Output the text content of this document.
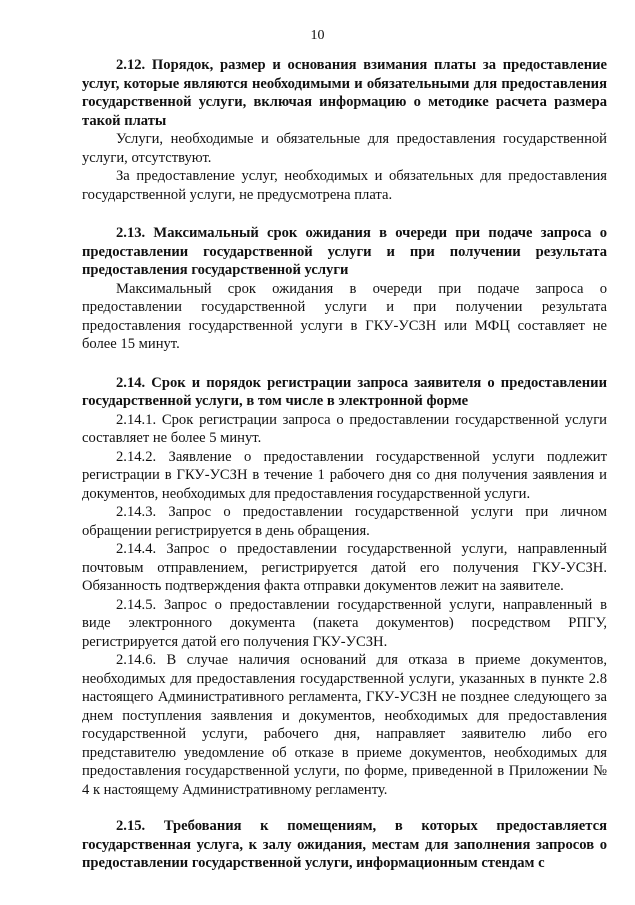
10

2.12. Порядок, размер и основания взимания платы за предоставление услуг, которые являются необходимыми и обязательными для предоставления государственной услуги, включая информацию о методике расчета размера такой платы

Услуги, необходимые и обязательные для предоставления государственной услуги, отсутствуют.

За предоставление услуг, необходимых и обязательных для предоставления государственной услуги, не предусмотрена плата.

2.13. Максимальный срок ожидания в очереди при подаче запроса о предоставлении государственной услуги и при получении результата предоставления государственной услуги

Максимальный срок ожидания в очереди при подаче запроса о предоставлении государственной услуги и при получении результата предоставления государственной услуги в ГКУ-УСЗН или МФЦ составляет не более 15 минут.

2.14. Срок и порядок регистрации запроса заявителя о предоставлении государственной услуги, в том числе в электронной форме

2.14.1. Срок регистрации запроса о предоставлении государственной услуги составляет не более 5 минут.

2.14.2. Заявление о предоставлении государственной услуги подлежит регистрации в ГКУ-УСЗН в течение 1 рабочего дня со дня получения заявления и документов, необходимых для предоставления государственной услуги.

2.14.3. Запрос о предоставлении государственной услуги при личном обращении регистрируется в день обращения.

2.14.4. Запрос о предоставлении государственной услуги, направленный почтовым отправлением, регистрируется датой его получения ГКУ-УСЗН. Обязанность подтверждения факта отправки документов лежит на заявителе.

2.14.5. Запрос о предоставлении государственной услуги, направленный в виде электронного документа (пакета документов) посредством РПГУ, регистрируется датой его получения ГКУ-УСЗН.

2.14.6. В случае наличия оснований для отказа в приеме документов, необходимых для предоставления государственной услуги, указанных в пункте 2.8 настоящего Административного регламента, ГКУ-УСЗН не позднее следующего за днем поступления заявления и документов, необходимых для предоставления государственной услуги, рабочего дня, направляет заявителю либо его представителю уведомление об отказе в приеме документов, необходимых для предоставления государственной услуги, по форме, приведенной в Приложении № 4 к настоящему Административному регламенту.

2.15. Требования к помещениям, в которых предоставляется государственная услуга, к залу ожидания, местам для заполнения запросов о предоставлении государственной услуги, информационным стендам с
